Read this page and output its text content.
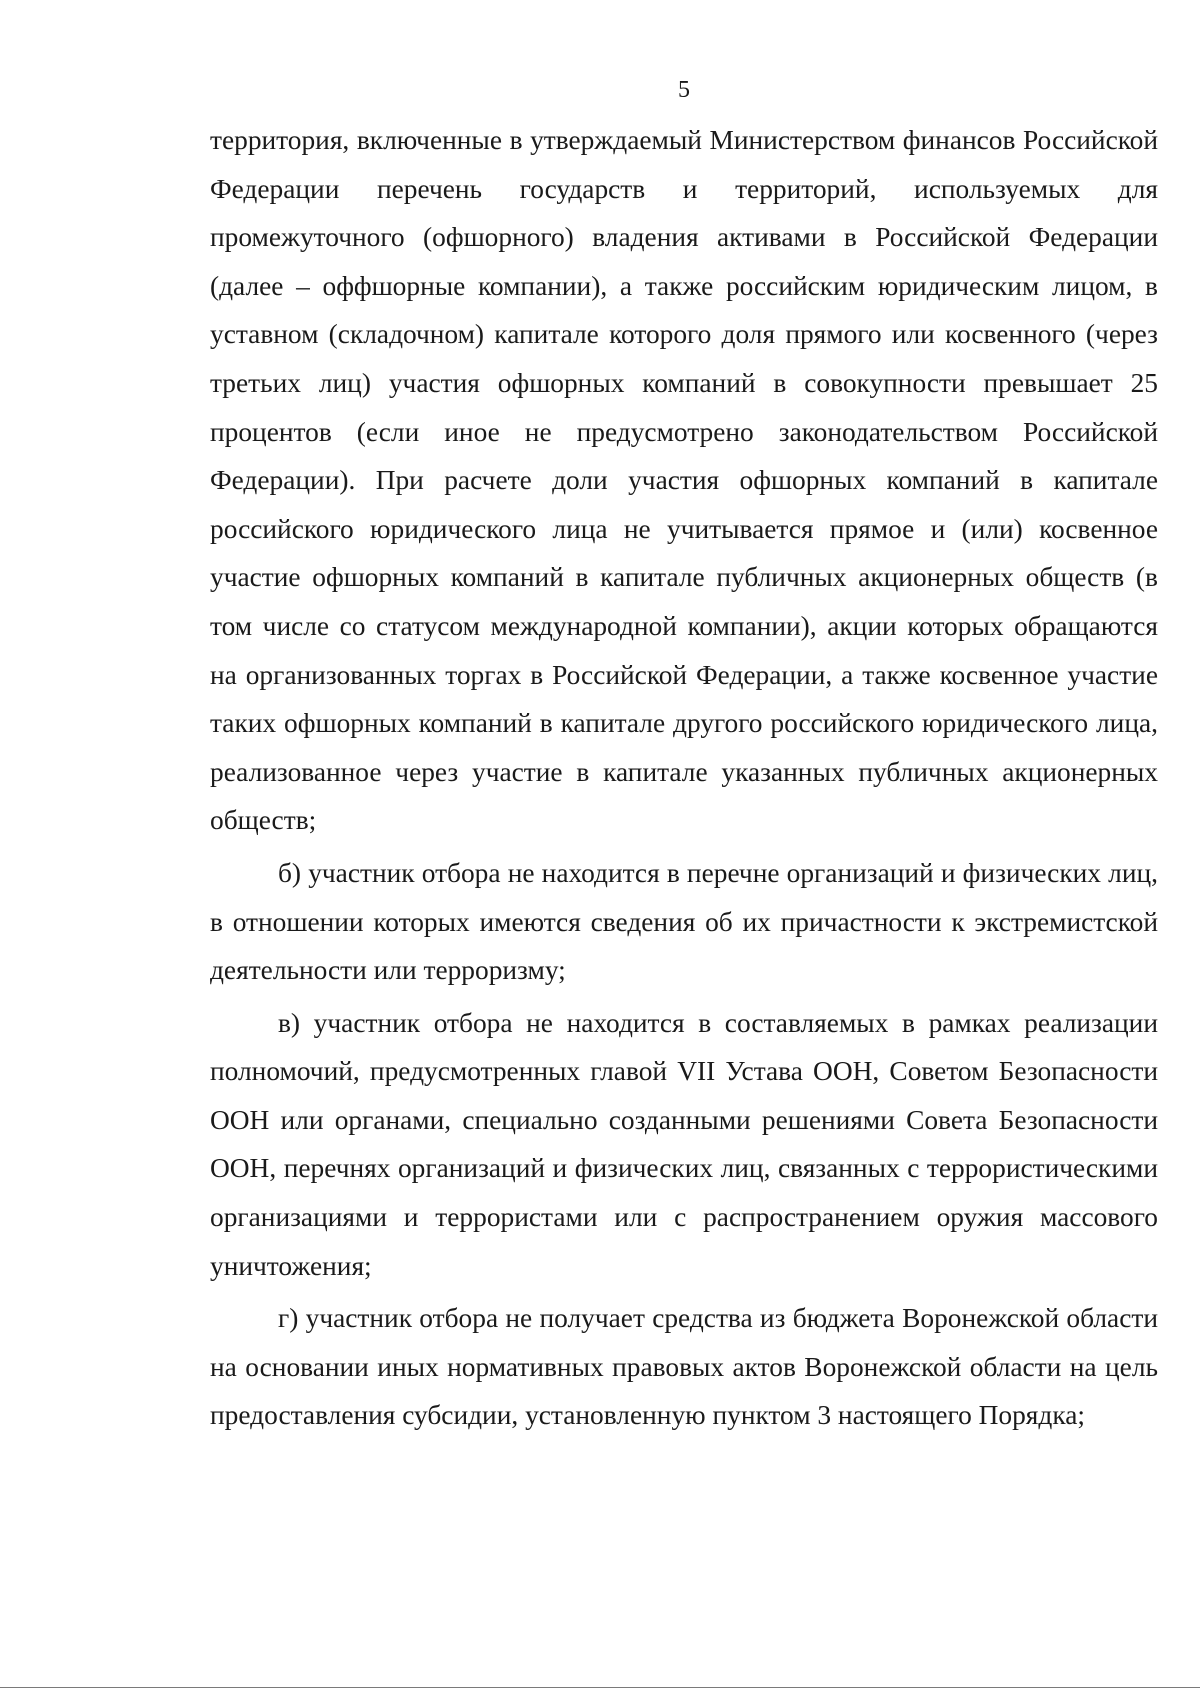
5

территория, включенные в утверждаемый Министерством финансов Российской Федерации перечень государств и территорий, используемых для промежуточного (офшорного) владения активами в Российской Федерации (далее – оффшорные компании), а также российским юридическим лицом, в уставном (складочном) капитале которого доля прямого или косвенного (через третьих лиц) участия офшорных компаний в совокупности превышает 25 процентов (если иное не предусмотрено законодательством Российской Федерации). При расчете доли участия офшорных компаний в капитале российского юридического лица не учитывается прямое и (или) косвенное участие офшорных компаний в капитале публичных акционерных обществ (в том числе со статусом международной компании), акции которых обращаются на организованных торгах в Российской Федерации, а также косвенное участие таких офшорных компаний в капитале другого российского юридического лица, реализованное через участие в капитале указанных публичных акционерных обществ;

б) участник отбора не находится в перечне организаций и физических лиц, в отношении которых имеются сведения об их причастности к экстремистской деятельности или терроризму;

в) участник отбора не находится в составляемых в рамках реализации полномочий, предусмотренных главой VII Устава ООН, Советом Безопасности ООН или органами, специально созданными решениями Совета Безопасности ООН, перечнях организаций и физических лиц, связанных с террористическими организациями и террористами или с распространением оружия массового уничтожения;

г) участник отбора не получает средства из бюджета Воронежской области на основании иных нормативных правовых актов Воронежской области на цель предоставления субсидии, установленную пунктом 3 настоящего Порядка;
